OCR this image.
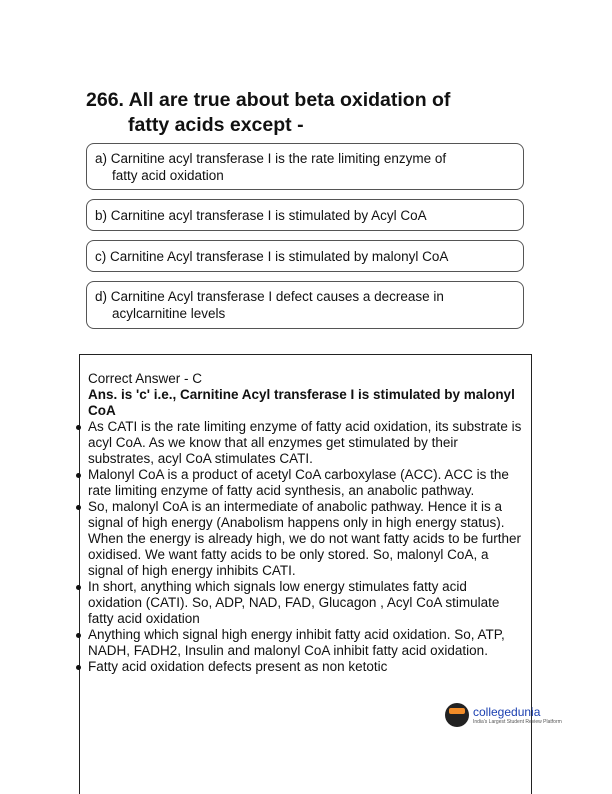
266. All are true about beta oxidation of
fatty acids except -
a) Carnitine acyl transferase I is the rate limiting enzyme of
fatty acid oxidation
b) Carnitine acyl transferase I is stimulated by Acyl CoA
c) Carnitine Acyl transferase I is stimulated by malonyl CoA
d) Carnitine Acyl transferase I defect causes a decrease in
acylcarnitine levels
Correct Answer - C
Ans. is 'c' i.e., Carnitine Acyl transferase I is stimulated by malonyl CoA
As CATI is the rate limiting enzyme of fatty acid oxidation, its substrate is acyl CoA. As we know that all enzymes get stimulated by their substrates, acyl CoA stimulates CATI.
Malonyl CoA is a product of acetyl CoA carboxylase (ACC). ACC is the rate limiting enzyme of fatty acid synthesis, an anabolic pathway.
So, malonyl CoA is an intermediate of anabolic pathway. Hence it is a signal of high energy (Anabolism happens only in high energy status). When the energy is already high, we do not want fatty acids to be further oxidised. We want fatty acids to be only stored. So, malonyl CoA, a signal of high energy inhibits CATI.
In short, anything which signals low energy stimulates fatty acid oxidation (CATI). So, ADP, NAD, FAD, Glucagon , Acyl CoA stimulate fatty acid oxidation
Anything which signal high energy inhibit fatty acid oxidation. So, ATP, NADH, FADH2, Insulin and malonyl CoA inhibit fatty acid oxidation.
Fatty acid oxidation defects present as non ketotic
collegedunia
India's Largest Student Review Platform
